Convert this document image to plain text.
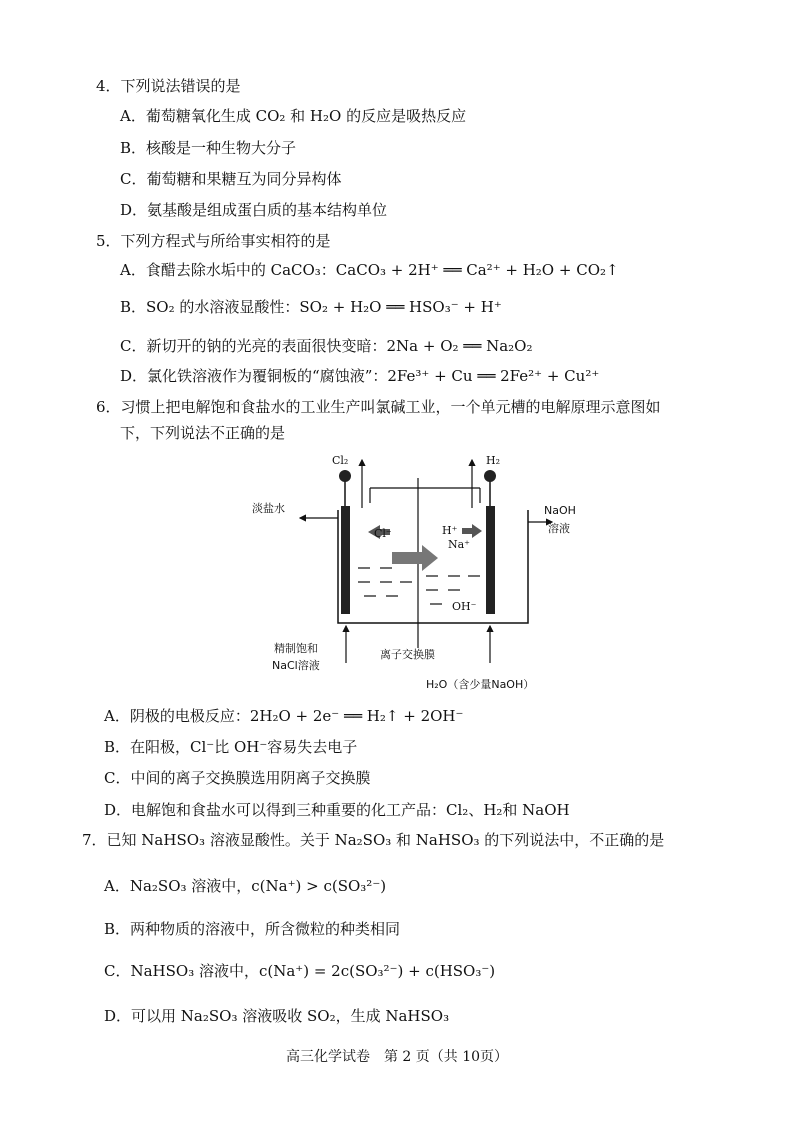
4．下列说法错误的是
A．葡萄糖氧化生成 CO₂ 和 H₂O 的反应是吸热反应
B．核酸是一种生物大分子
C．葡萄糖和果糖互为同分异构体
D．氨基酸是组成蛋白质的基本结构单位
5．下列方程式与所给事实相符的是
A．食醋去除水垢中的 CaCO₃：CaCO₃ + 2H⁺ ══ Ca²⁺ + H₂O + CO₂↑
B．SO₂ 的水溶液显酸性：SO₂ + H₂O ══ HSO₃⁻ + H⁺
C．新切开的钠的光亮的表面很快变暗：2Na + O₂ ══ Na₂O₂
D．氯化铁溶液作为覆铜板的“腐蚀液”：2Fe³⁺ + Cu ══ 2Fe²⁺ + Cu²⁺
6．习惯上把电解饱和食盐水的工业生产叫氯碱工业，一个单元槽的电解原理示意图如
下，下列说法不正确的是
Cl₂	H₂
淡盐水	NaOH
溶液
Cl⁻	H⁺
Na⁺
OH⁻
精制饱和
NaCl溶液
离子交换膜
H₂O（含少量NaOH）
A．阴极的电极反应：2H₂O + 2e⁻ ══ H₂↑ + 2OH⁻
B．在阳极，Cl⁻比 OH⁻容易失去电子
C．中间的离子交换膜选用阴离子交换膜
D．电解饱和食盐水可以得到三种重要的化工产品：Cl₂、H₂和 NaOH
7．已知 NaHSO₃ 溶液显酸性。关于 Na₂SO₃ 和 NaHSO₃ 的下列说法中，不正确的是
A．Na₂SO₃ 溶液中，c(Na⁺) > c(SO₃²⁻)
B．两种物质的溶液中，所含微粒的种类相同
C．NaHSO₃ 溶液中，c(Na⁺) = 2c(SO₃²⁻) + c(HSO₃⁻)
D．可以用 Na₂SO₃ 溶液吸收 SO₂，生成 NaHSO₃
高三化学试卷　第 2 页（共 10页）
